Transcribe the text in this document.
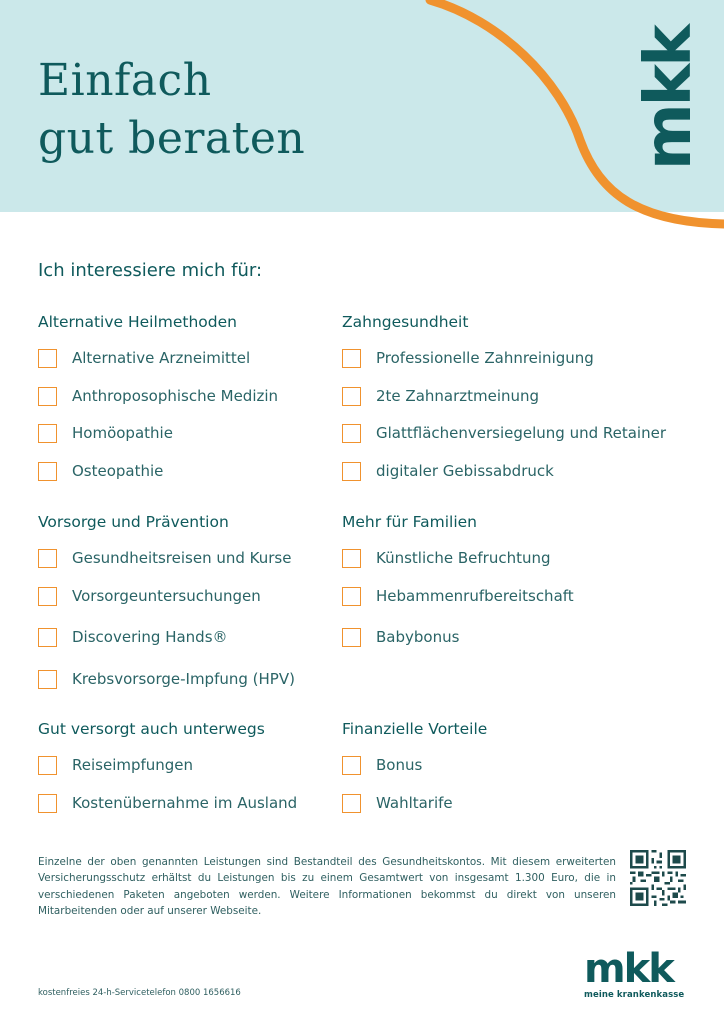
Einfach
gut beraten	mkk
Ich interessiere mich für:
Alternative Heilmethoden
Alternative Arzneimittel
Anthroposophische Medizin
Homöopathie
Osteopathie
Zahngesundheit
Professionelle Zahnreinigung
2te Zahnarztmeinung
Glattflächenversiegelung und Retainer
digitaler Gebissabdruck
Vorsorge und Prävention
Gesundheitsreisen und Kurse
Vorsorgeuntersuchungen
Discovering Hands®
Krebsvorsorge-Impfung (HPV)
Mehr für Familien
Künstliche Befruchtung
Hebammenrufbereitschaft
Babybonus
Gut versorgt auch unterwegs
Reiseimpfungen
Kostenübernahme im Ausland
Finanzielle Vorteile
Bonus
Wahltarife

Einzelne der oben genannten Leistungen sind Bestandteil des Gesundheitskontos. Mit diesem erweiterten Versicherungsschutz erhältst du Leistungen bis zu einem Gesamtwert von insgesamt 1.300 Euro, die in verschiedenen Paketen angeboten werden. Weitere Informationen bekommst du direkt von unseren Mitarbeitenden oder auf unserer Webseite.

kostenfreies 24-h-Servicetelefon 0800 1656616

mkk
meine krankenkasse
